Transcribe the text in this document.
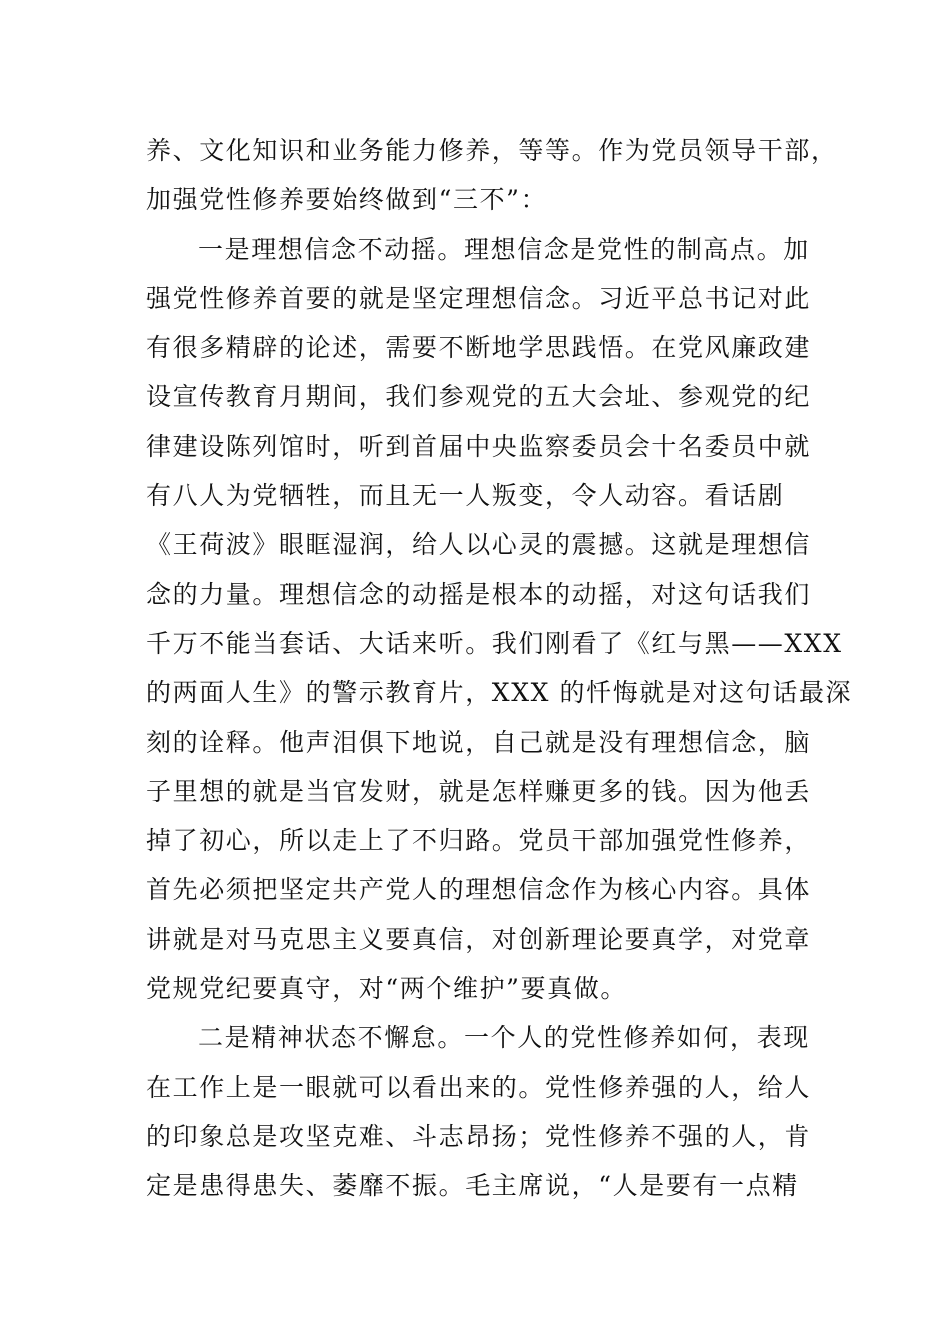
养、文化知识和业务能力修养，等等。作为党员领导干部，
加强党性修养要始终做到“三不”：
一是理想信念不动摇。理想信念是党性的制高点。加
强党性修养首要的就是坚定理想信念。习近平总书记对此
有很多精辟的论述，需要不断地学思践悟。在党风廉政建
设宣传教育月期间，我们参观党的五大会址、参观党的纪
律建设陈列馆时，听到首届中央监察委员会十名委员中就
有八人为党牺牲，而且无一人叛变，令人动容。看话剧
《王荷波》眼眶湿润，给人以心灵的震撼。这就是理想信
念的力量。理想信念的动摇是根本的动摇，对这句话我们
千万不能当套话、大话来听。我们刚看了《红与黑——XXX
的两面人生》的警示教育片，XXX 的忏悔就是对这句话最深
刻的诠释。他声泪俱下地说，自己就是没有理想信念，脑
子里想的就是当官发财，就是怎样赚更多的钱。因为他丢
掉了初心，所以走上了不归路。党员干部加强党性修养，
首先必须把坚定共产党人的理想信念作为核心内容。具体
讲就是对马克思主义要真信，对创新理论要真学，对党章
党规党纪要真守，对“两个维护”要真做。
二是精神状态不懈怠。一个人的党性修养如何，表现
在工作上是一眼就可以看出来的。党性修养强的人，给人
的印象总是攻坚克难、斗志昂扬；党性修养不强的人，肯
定是患得患失、萎靡不振。毛主席说，“人是要有一点精
